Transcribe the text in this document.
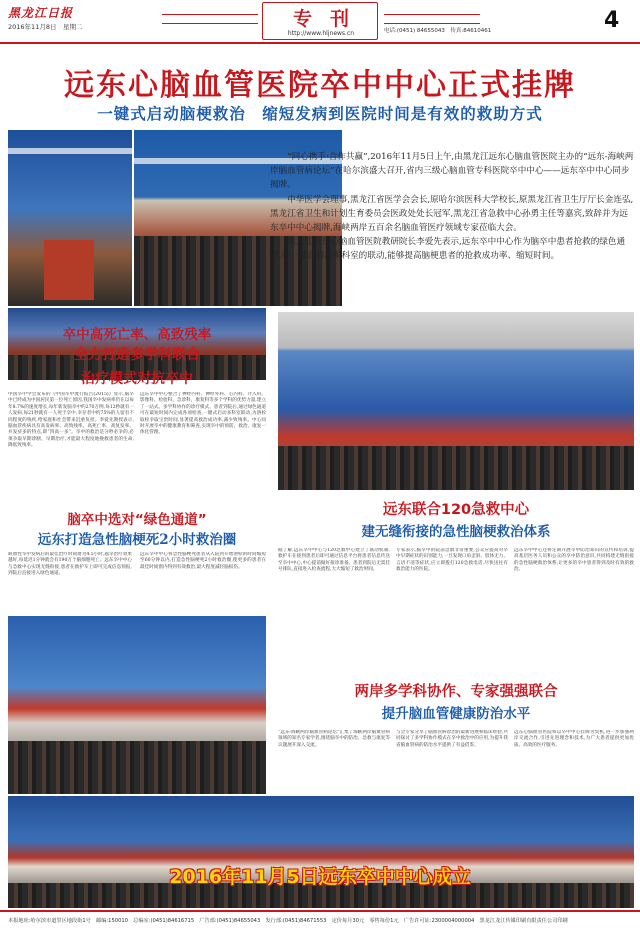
黑龙江日报
2016年11月8日　星期二	专刊
http://www.hljnews.cn	电话:(0451) 84655043　传真:84610461	4
远东心脑血管医院卒中中心正式挂牌
一键式启动脑梗救治　缩短发病到医院时间是有效的救助方式

“同心携手·合作共赢”,2016年11月5日上午,由黑龙江远东心脑血管医院主办的“远东-海峡两岸脑血管病论坛”在哈尔滨盛大召开,省内三级心脑血管专科医院卒中中心——远东卒中中心同步揭牌。

中华医学会理事,黑龙江省医学会会长,原哈尔滨医科大学校长,原黑龙江省卫生厅厅长金连弘,黑龙江省卫生和计划生育委员会医政处处长冠军,黑龙江省急救中心孙勇主任等嘉宾,致辞并为远东卒中中心揭牌,海峡两岸五百余名脑血管医疗领域专家莅临大会。

黑龙江远东心脑血管医院教研院长李爱先表示,远东卒中中心作为脑卒中患者抢救的绿色通道,可一键式启动多科室的联动,能够提高脑梗患者的抢救成功率、缩短时间。

卒中高死亡率、高致残率
全力打造多学科联合
治疗模式对抗卒中
中国卒中学会发布的《中国卒中流行报告(2015)》显示,脑卒中已经成为中国居民第一位死亡原因,我国卒中发病率仍在以每年8.7%的速度增长,每年新发脑卒中约270万例,每12秒就有一人发病,每21秒就有一人死于卒中,幸存者中约75%的人留有不同程度的残疾,给家庭和社会带来沉重负担。李爱先教授表示,脑血管疾病具有高发病率、高致残率、高死亡率、高复发率、并发症多的特点,即“四高一多”。卒中的救治是分秒必争的,必须争取早期诊断、早期治疗,才能最大程度地挽救患者的生命,降低致残率。
远东卒中中心整合了神经内科、神经外科、心内科、介入科、影像科、检验科、急诊科、康复科等多个学科的优势力量,建立了一站式、多学科协作的诊疗模式。患者到院后,通过绿色通道可在最短时间内完成各项检查,一键式启动多科室联动,为溶栓取栓争取宝贵时间,显著提高救治成功率,减少致残率。中心同时开展卒中的健康教育和筛查,实现卒中的预防、救治、康复一体化管理。
脑卒中选对“绿色通道”
远东打造急性脑梗死2小时救治圈
缺血性卒中发病后的最佳治疗时间窗为4.5小时,越早治疗效果越好,每延迟1分钟就会有190万个脑细胞死亡。远东卒中中心与急救中心实现无缝衔接,患者在救护车上即可完成信息预报,到院后直接进入绿色通道。
远东卒中中心将急性脑梗死患者从入院到开始溶栓的时间缩短至60分钟以内,打造急性脑梗死2小时救治圈,使更多的患者在最佳时间窗内得到有效救治,最大程度减轻脑损伤。
远东联合120急救中心
建无缝衔接的急性脑梗救治体系
据了解,远东卒中中心与120急救中心建立了联动机制,救护车在接到患者后即可通过信息平台将患者信息传送至卒中中心,中心提前做好接诊准备。患者到院后无需挂号排队,直接进入检查流程,大大缩短了救治时间。
专家表示,脑卒中的院前急救非常重要,公众应提高对卒中早期症状的识别能力,一旦发现口角歪斜、肢体无力、言语不清等症状,应立即拨打120急救电话,尽快送往有救治能力的医院。
远东卒中中心还将定期开展卒中防治知识的宣传和培训,提高基层医务人员和公众的卒中防治意识,共同构建无缝衔接的急性脑梗救治体系,让更多的卒中患者得到及时有效的救治。
两岸多学科协作、专家强强联合
提升脑血管健康防治水平
“远东-海峡两岸脑血管病论坛”汇集了海峡两岸脑血管病领域的知名专家学者,围绕脑卒中的防治、急救与康复等议题展开深入交流。
与会专家分享了脑血管病诊治的最新进展和临床经验,共同探讨了多学科协作模式在卒中救治中的应用,为提升我省脑血管病的防治水平提供了有益借鉴。
远东心脑血管医院将以卒中中心挂牌为契机,进一步加强两岸交流合作,引进先进理念和技术,为广大患者提供更加优质、高效的医疗服务。
2016年11月5日远东卒中中心成立
本报地址:哈尔滨市道里区地段街1号　邮编:150010　总编室:(0451)84616715　广告部:(0451)84655043　发行部:(0451)84671553　定价每月30元　零售每份1元　广告许可证:2300004000004　黑龙江龙江传媒印刷有限责任公司印刷
